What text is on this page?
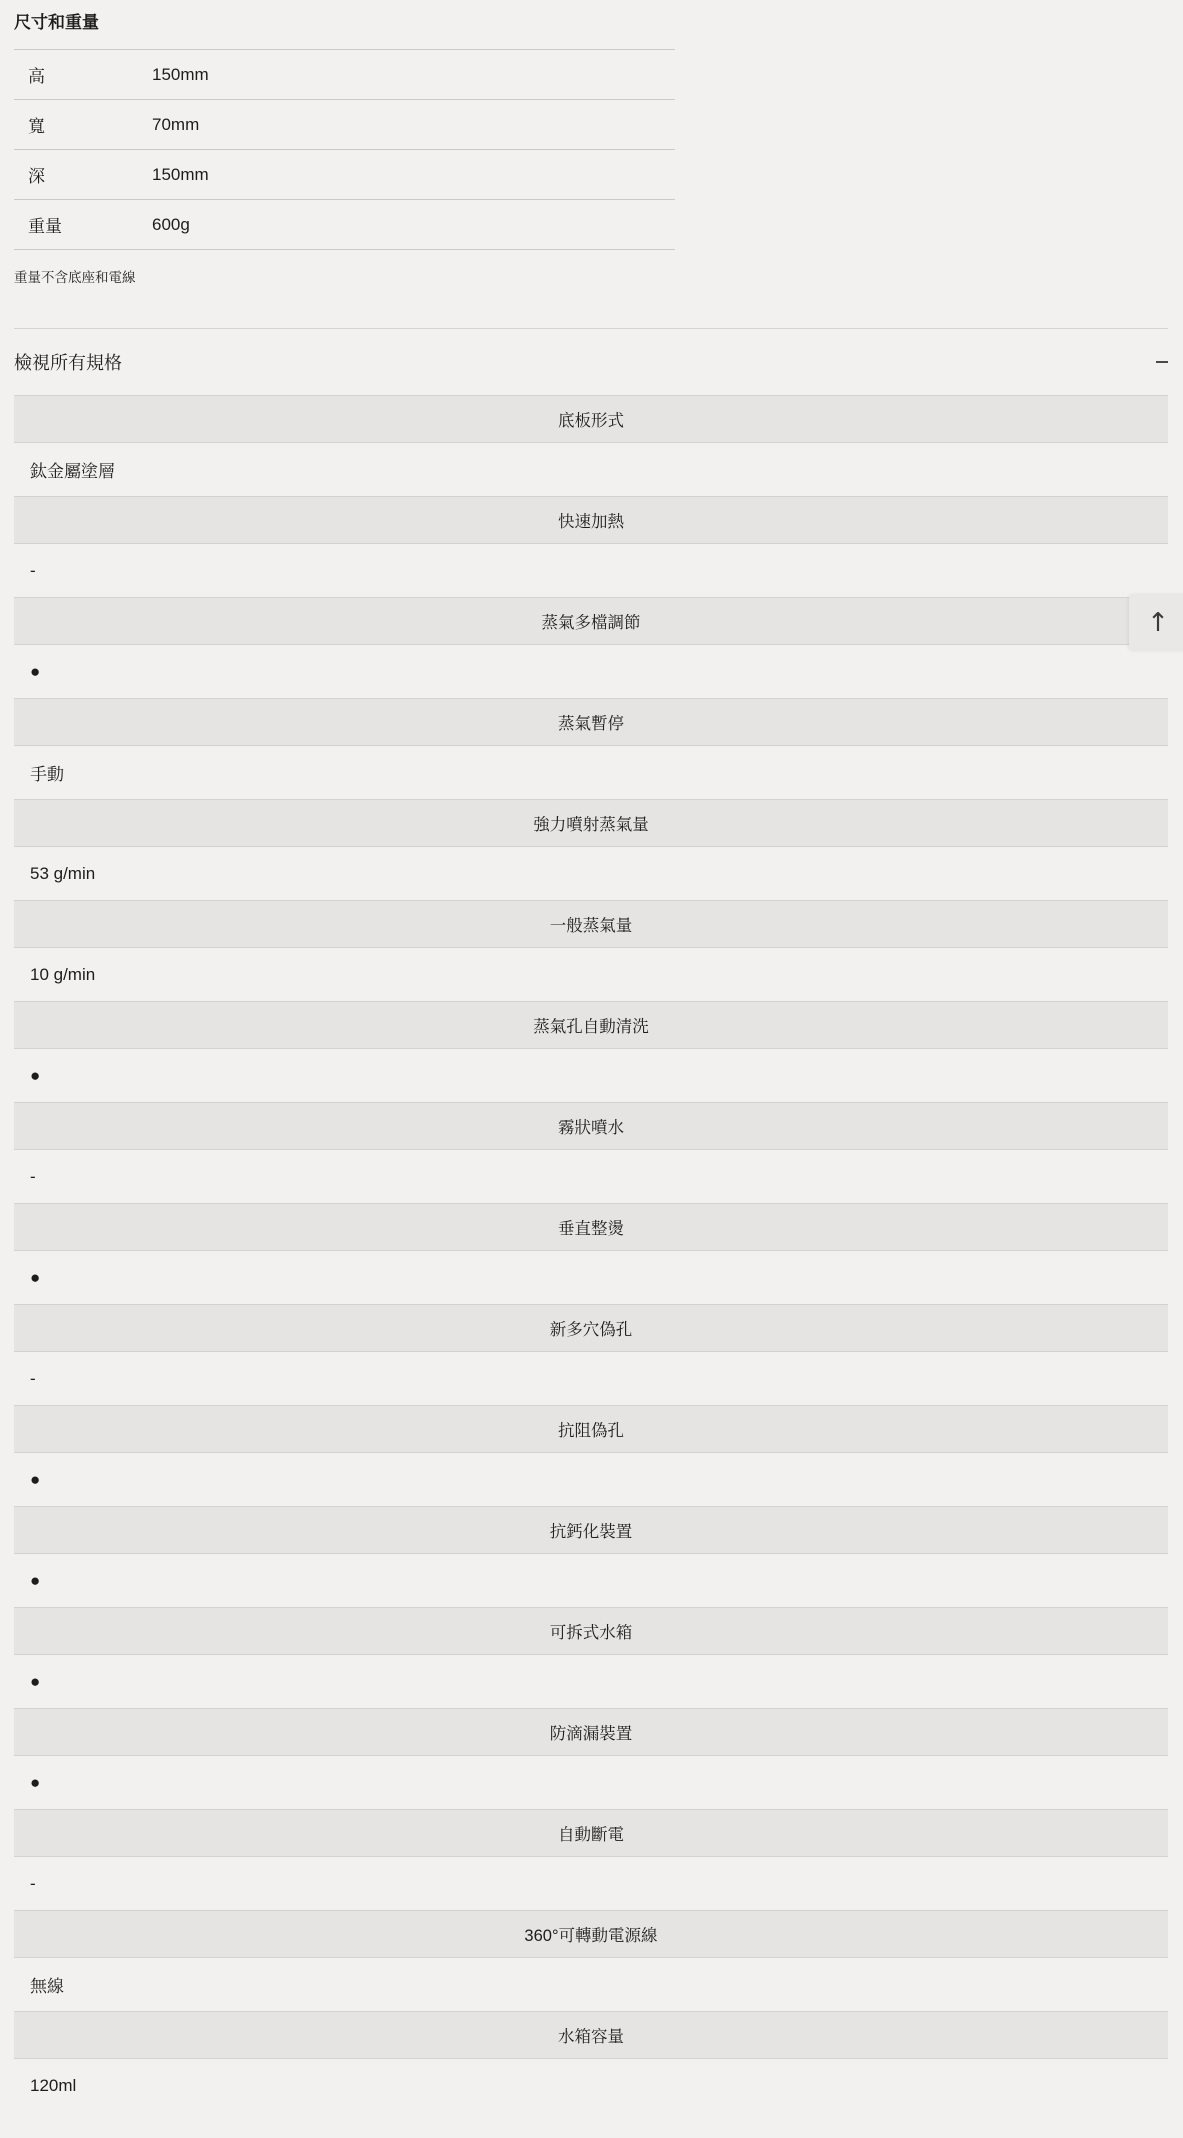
尺寸和重量
高	150mm
寬	70mm
深	150mm
重量	600g

重量不含底座和電線

檢視所有規格
底板形式
鈦金屬塗層
快速加熱
-
蒸氣多檔調節
●
蒸氣暫停
手動
強力噴射蒸氣量
53 g/min
一般蒸氣量
10 g/min
蒸氣孔自動清洗
●
霧狀噴水
-
垂直整燙
●
新多穴偽孔
-
抗阻偽孔
●
抗鈣化裝置
●
可拆式水箱
●
防滴漏裝置
●
自動斷電
-
360°可轉動電源線
無線
水箱容量
120ml
↑
